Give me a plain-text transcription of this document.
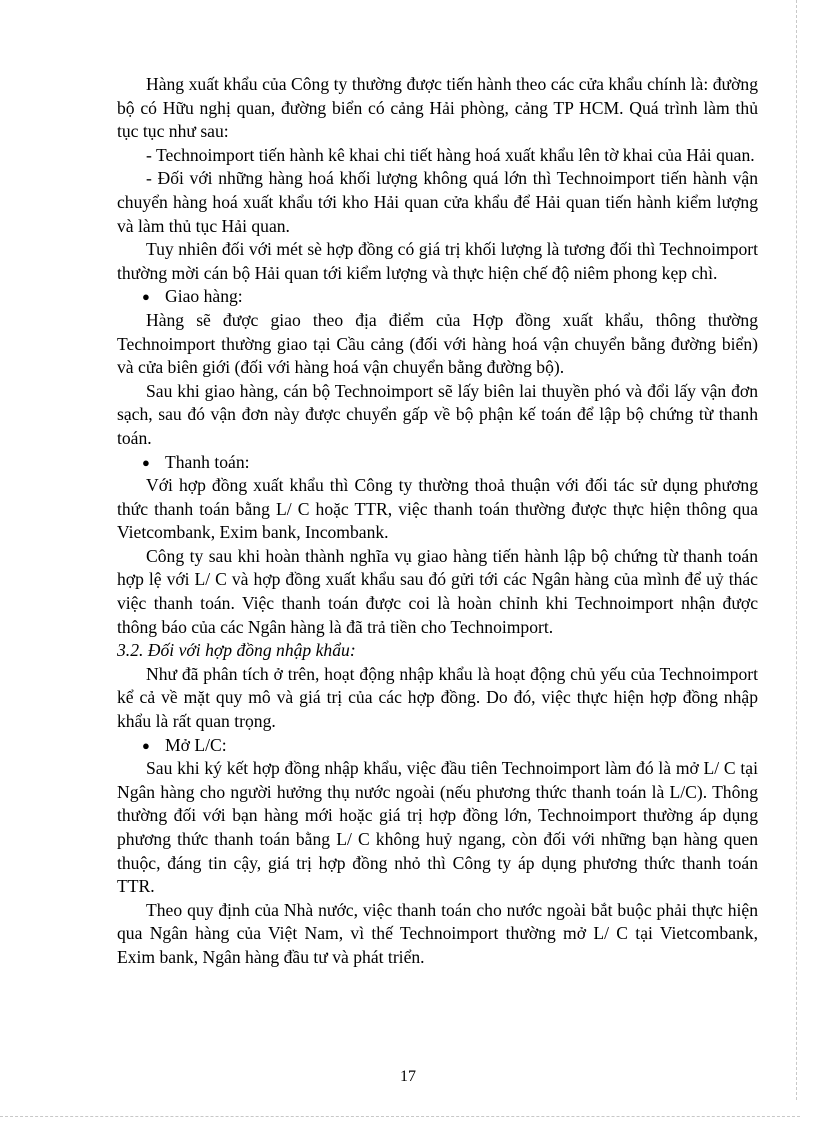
Hàng xuất khẩu của Công ty thường được tiến hành theo các cửa khẩu chính là: đường bộ có Hữu nghị quan, đường biển có cảng Hải phòng, cảng TP HCM. Quá trình làm thủ tục tục như sau:

- Technoimport tiến hành kê khai chi tiết hàng hoá xuất khẩu lên tờ khai của Hải quan.

- Đối với những hàng hoá khối lượng không quá lớn thì Technoimport tiến hành vận chuyển hàng hoá xuất khẩu tới kho Hải quan cửa khẩu để Hải quan tiến hành kiểm lượng và làm thủ tục Hải quan.

Tuy nhiên đối với mét sè hợp đồng có giá trị khối lượng là tương đối thì Technoimport thường mời cán bộ Hải quan tới kiểm lượng và thực hiện chế độ niêm phong kẹp chì.

● Giao hàng:

Hàng sẽ được giao theo địa điểm của Hợp đồng xuất khẩu, thông thường Technoimport thường giao tại Cầu cảng (đối với hàng hoá vận chuyển bằng đường biển) và cửa biên giới (đối với hàng hoá vận chuyển bằng đường bộ).

Sau khi giao hàng, cán bộ Technoimport sẽ lấy biên lai thuyền phó và đổi lấy vận đơn sạch, sau đó vận đơn này được chuyển gấp về bộ phận kế toán để lập bộ chứng từ thanh toán.

● Thanh toán:

Với hợp đồng xuất khẩu thì Công ty thường thoả thuận với đối tác sử dụng phương thức thanh toán bằng L/ C hoặc TTR, việc thanh toán thường được thực hiện thông qua Vietcombank, Exim bank, Incombank.

Công ty sau khi hoàn thành nghĩa vụ giao hàng tiến hành lập bộ chứng từ thanh toán hợp lệ với L/ C và hợp đồng xuất khẩu sau đó gửi tới các Ngân hàng của mình để uỷ thác việc thanh toán. Việc thanh toán được coi là hoàn chỉnh khi Technoimport nhận được thông báo của các Ngân hàng là đã trả tiền cho Technoimport.

3.2. Đối với hợp đồng nhập khẩu:

Như đã phân tích ở trên, hoạt động nhập khẩu là hoạt động chủ yếu của Technoimport kể cả về mặt quy mô và giá trị của các hợp đồng. Do đó, việc thực hiện hợp đồng nhập khẩu là rất quan trọng.

● Mở L/C:

Sau khi ký kết hợp đồng nhập khẩu, việc đầu tiên Technoimport làm đó là mở L/ C tại Ngân hàng cho người hưởng thụ nước ngoài (nếu phương thức thanh toán là L/C). Thông thường đối với bạn hàng mới hoặc giá trị hợp đồng lớn, Technoimport thường áp dụng phương thức thanh toán bằng L/ C không huỷ ngang, còn đối với những bạn hàng quen thuộc, đáng tin cậy, giá trị hợp đồng nhỏ thì Công ty áp dụng phương thức thanh toán TTR.

Theo quy định của Nhà nước, việc thanh toán cho nước ngoài bắt buộc phải thực hiện qua Ngân hàng của Việt Nam, vì thế Technoimport thường mở L/ C tại Vietcombank, Exim bank, Ngân hàng đầu tư và phát triển.

17
